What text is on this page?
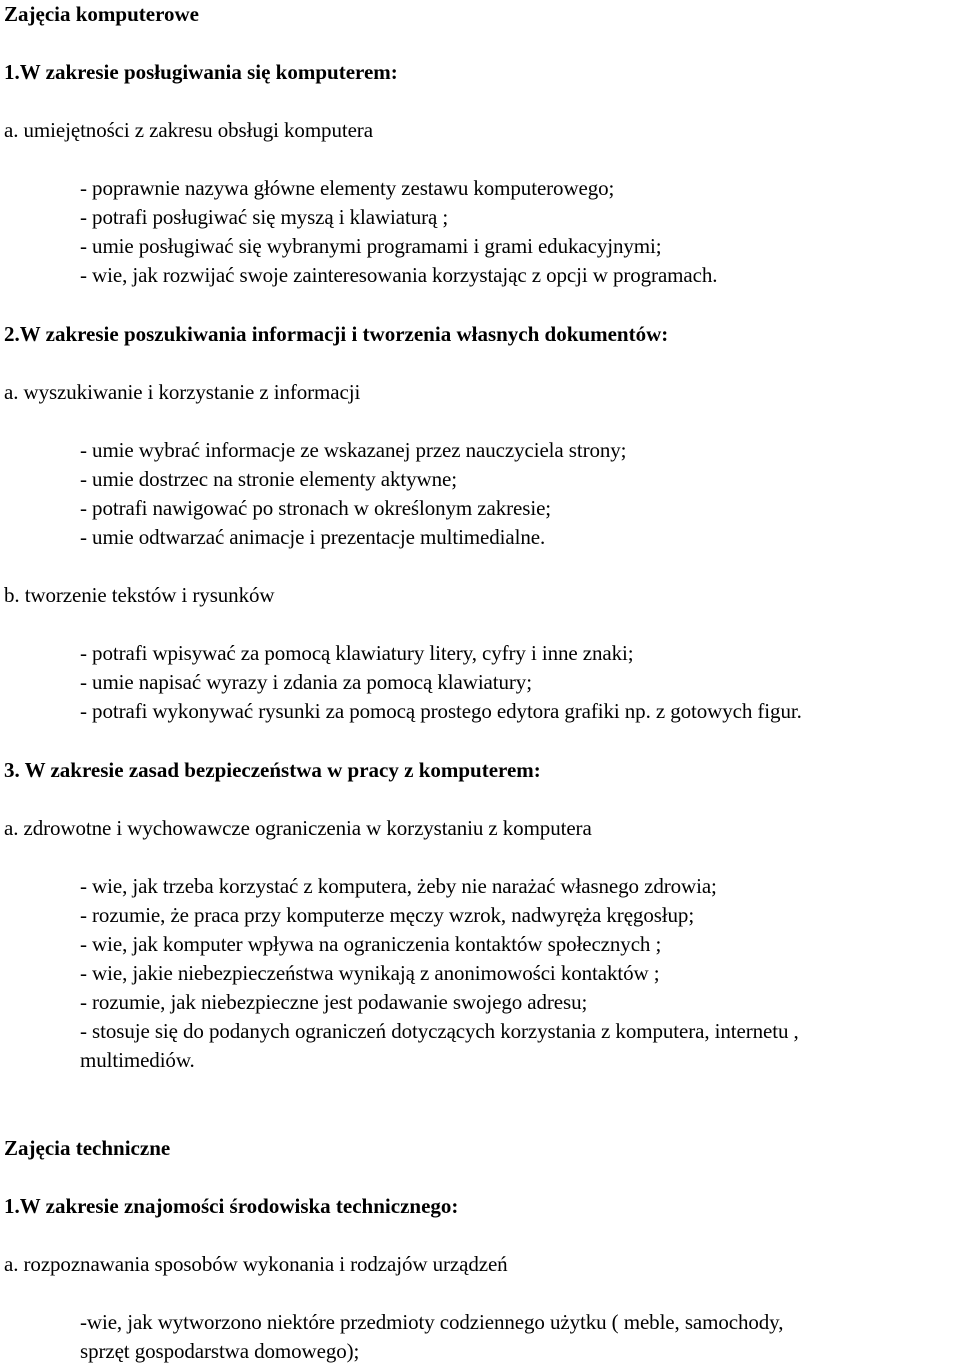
Zajęcia komputerowe
1.W zakresie posługiwania się komputerem:
a. umiejętności z zakresu obsługi komputera
- poprawnie nazywa główne elementy zestawu komputerowego;
- potrafi posługiwać się myszą i klawiaturą ;
- umie posługiwać się wybranymi programami i grami edukacyjnymi;
- wie, jak rozwijać swoje zainteresowania korzystając z opcji w programach.
2.W zakresie poszukiwania informacji i tworzenia własnych dokumentów:
a. wyszukiwanie i korzystanie z informacji
- umie wybrać informacje ze wskazanej przez nauczyciela strony;
- umie dostrzec na stronie elementy aktywne;
- potrafi nawigować po stronach w określonym zakresie;
- umie odtwarzać animacje i prezentacje multimedialne.
b. tworzenie tekstów i rysunków
- potrafi wpisywać za pomocą klawiatury litery, cyfry i inne znaki;
- umie napisać wyrazy i zdania za pomocą klawiatury;
- potrafi wykonywać rysunki za pomocą prostego edytora grafiki np. z gotowych figur.
3. W zakresie zasad bezpieczeństwa w pracy z komputerem:
a. zdrowotne i wychowawcze ograniczenia w korzystaniu z komputera
- wie, jak trzeba korzystać z komputera, żeby nie narażać własnego zdrowia;
- rozumie, że praca przy komputerze męczy wzrok, nadwyręża kręgosłup;
- wie, jak komputer wpływa na ograniczenia kontaktów społecznych ;
- wie, jakie niebezpieczeństwa wynikają z anonimowości kontaktów ;
- rozumie, jak niebezpieczne jest podawanie swojego adresu;
- stosuje się do podanych ograniczeń dotyczących korzystania z komputera, internetu ,
multimediów.
Zajęcia techniczne
1.W zakresie znajomości środowiska technicznego:
a. rozpoznawania sposobów wykonania i rodzajów urządzeń
-wie, jak wytworzono niektóre przedmioty codziennego użytku ( meble, samochody,
sprzęt gospodarstwa domowego);
